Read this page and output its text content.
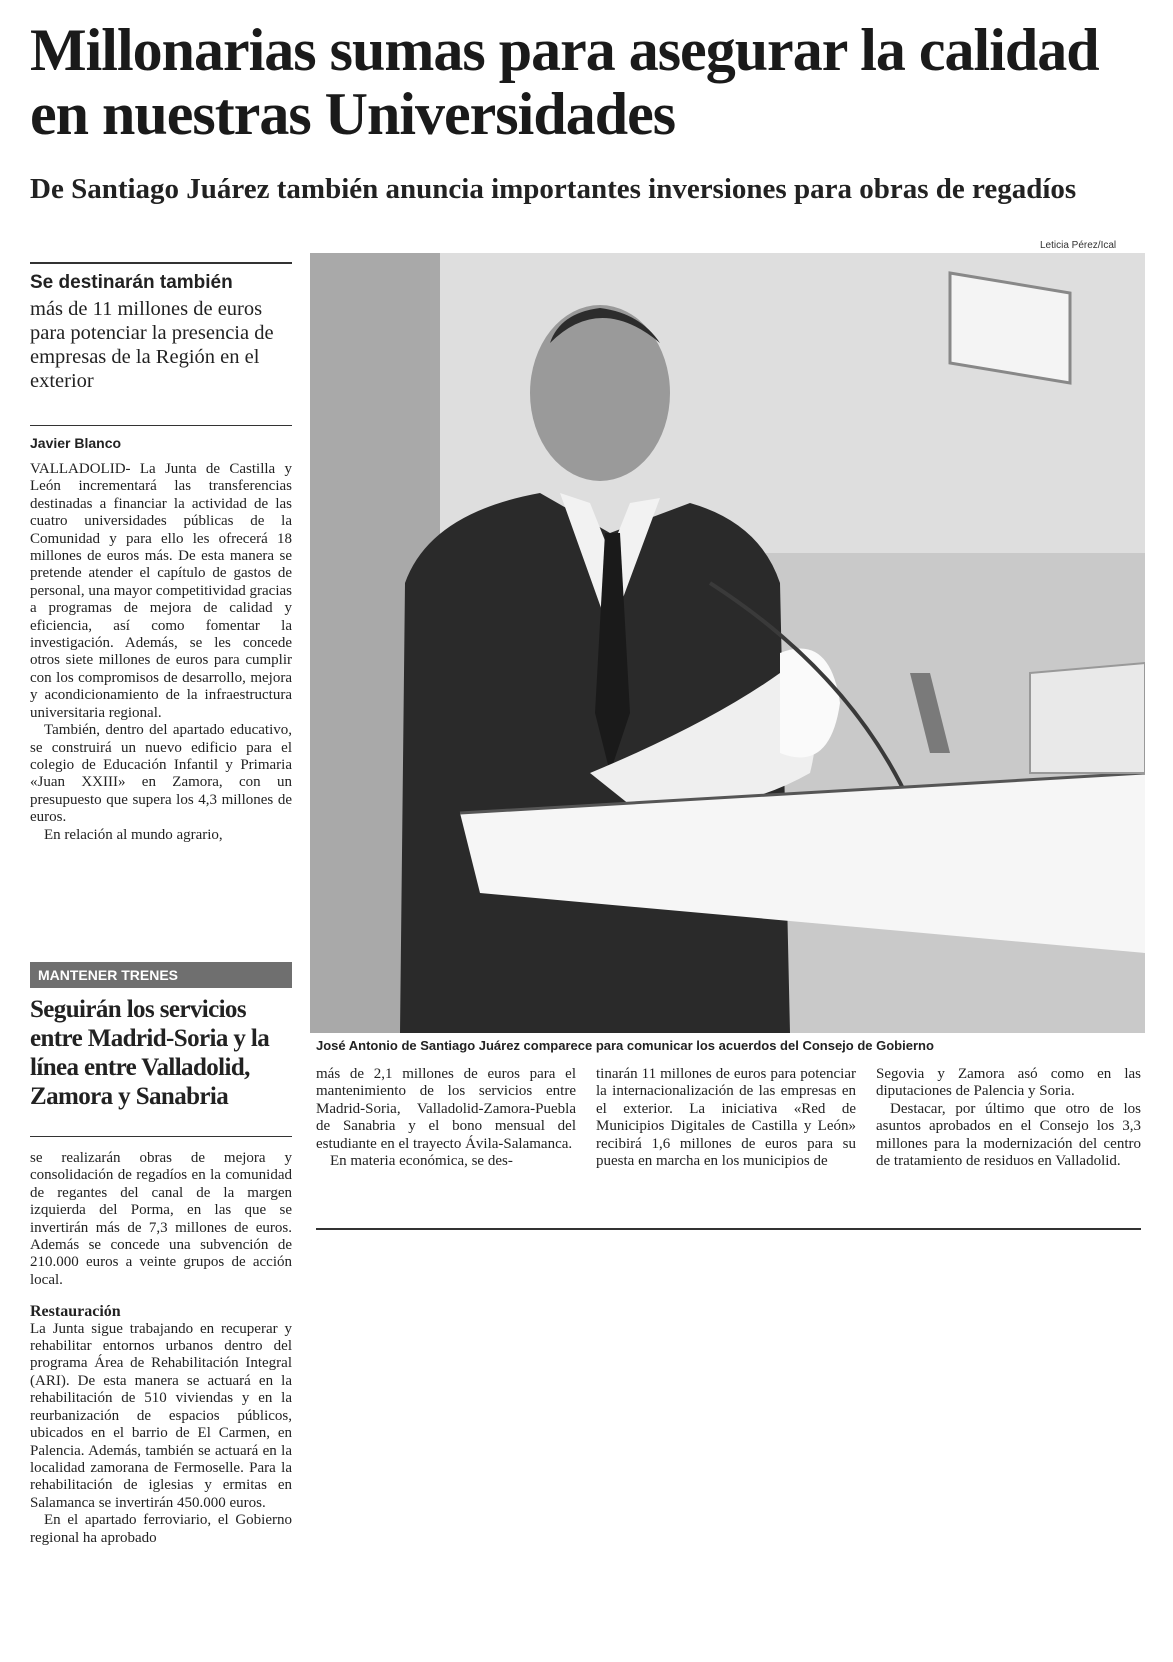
Millonarias sumas para asegurar la calidad en nuestras Universidades
De Santiago Juárez también anuncia importantes inversiones para obras de regadíos
Se destinarán también
más de 11 millones de euros para potenciar la presencia de empresas de la Región en el exterior
Javier Blanco

VALLADOLID- La Junta de Castilla y León incrementará las transferencias destinadas a financiar la actividad de las cuatro universidades públicas de la Comunidad y para ello les ofrecerá 18 millones de euros más. De esta manera se pretende atender el capítulo de gastos de personal, una mayor competitividad gracias a programas de mejora de calidad y eficiencia, así como fomentar la investigación. Además, se les concede otros siete millones de euros para cumplir con los compromisos de desarrollo, mejora y acondicionamiento de la infraestructura universitaria regional.

También, dentro del apartado educativo, se construirá un nuevo edificio para el colegio de Educación Infantil y Primaria «Juan XXIII» en Zamora, con un presupuesto que supera los 4,3 millones de euros.

En relación al mundo agrario,

MANTENER TRENES
Seguirán los servicios entre Madrid-Soria y la línea entre Valladolid, Zamora y Sanabria

se realizarán obras de mejora y consolidación de regadíos en la comunidad de regantes del canal de la margen izquierda del Porma, en las que se invertirán más de 7,3 millones de euros. Además se concede una subvención de 210.000 euros a veinte grupos de acción local.

Restauración

La Junta sigue trabajando en recuperar y rehabilitar entornos urbanos dentro del programa Área de Rehabilitación Integral (ARI). De esta manera se actuará en la rehabilitación de 510 viviendas y en la reurbanización de espacios públicos, ubicados en el barrio de El Carmen, en Palencia. Además, también se actuará en la localidad zamorana de Fermoselle. Para la rehabilitación de iglesias y ermitas en Salamanca se invertirán 450.000 euros.

En el apartado ferroviario, el Gobierno regional ha aprobado

Leticia Pérez/Ical
José Antonio de Santiago Juárez comparece para comunicar los acuerdos del Consejo de Gobierno

más de 2,1 millones de euros para el mantenimiento de los servicios entre Madrid-Soria, Valladolid-Zamora-Puebla de Sanabria y el bono mensual del estudiante en el trayecto Ávila-Salamanca.

En materia económica, se des-

tinarán 11 millones de euros para potenciar la internacionalización de las empresas en el exterior. La iniciativa «Red de Municipios Digitales de Castilla y León» recibirá 1,6 millones de euros para su puesta en marcha en los municipios de

Segovia y Zamora asó como en las diputaciones de Palencia y Soria.

Destacar, por último que otro de los asuntos aprobados en el Consejo los 3,3 millones para la modernización del centro de tratamiento de residuos en Valladolid.
